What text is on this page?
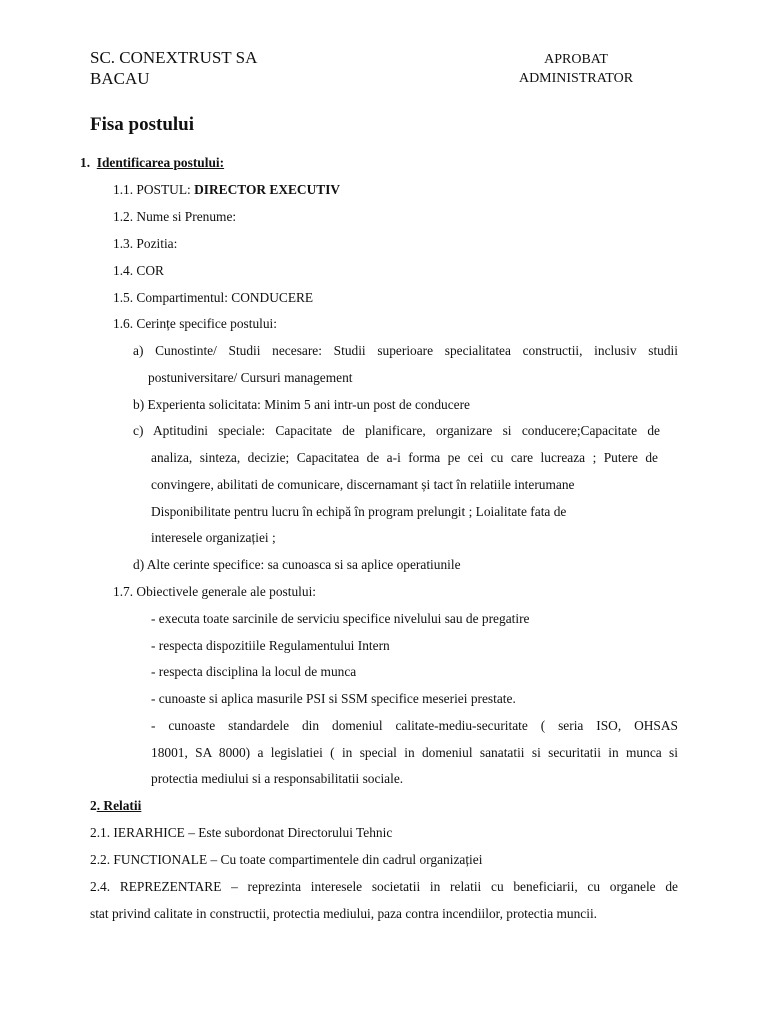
SC. CONEXTRUST SA
BACAU
APROBAT
ADMINISTRATOR
Fisa postului
1. Identificarea postului:
1.1. POSTUL: DIRECTOR EXECUTIV
1.2. Nume si Prenume:
1.3. Pozitia:
1.4. COR
1.5. Compartimentul: CONDUCERE
1.6. Cerințe specifice postului:
a) Cunostinte/ Studii necesare: Studii superioare specialitatea constructii, inclusiv studii
postuniversitare/ Cursuri management
b) Experienta solicitata: Minim 5 ani intr-un post de conducere
c) Aptitudini speciale: Capacitate de planificare, organizare si conducere;Capacitate de
analiza, sinteza, decizie; Capacitatea de a-i forma pe cei cu care lucreaza ; Putere de
convingere, abilitati de comunicare, discernamant și tact în relatiile interumane
Disponibilitate pentru lucru în echipă în program prelungit ; Loialitate fata de
interesele organizației ;
d) Alte cerinte specifice: sa cunoasca si sa aplice operatiunile
1.7. Obiectivele generale ale postului:
- executa toate sarcinile de serviciu specifice nivelului sau de pregatire
- respecta dispozitiile Regulamentului Intern
- respecta disciplina la locul de munca
- cunoaste si aplica masurile PSI si SSM specifice meseriei prestate.
- cunoaste standardele din domeniul calitate-mediu-securitate ( seria ISO, OHSAS
18001, SA 8000) a legislatiei ( in special in domeniul sanatatii si securitatii in munca si
protectia mediului si a responsabilitatii sociale.
2. Relatii
2.1. IERARHICE – Este subordonat Directorului Tehnic
2.2. FUNCTIONALE – Cu toate compartimentele din cadrul organizației
2.4. REPREZENTARE – reprezinta interesele societatii in relatii cu beneficiarii, cu organele de
stat privind calitate in constructii, protectia mediului, paza contra incendiilor, protectia muncii.
